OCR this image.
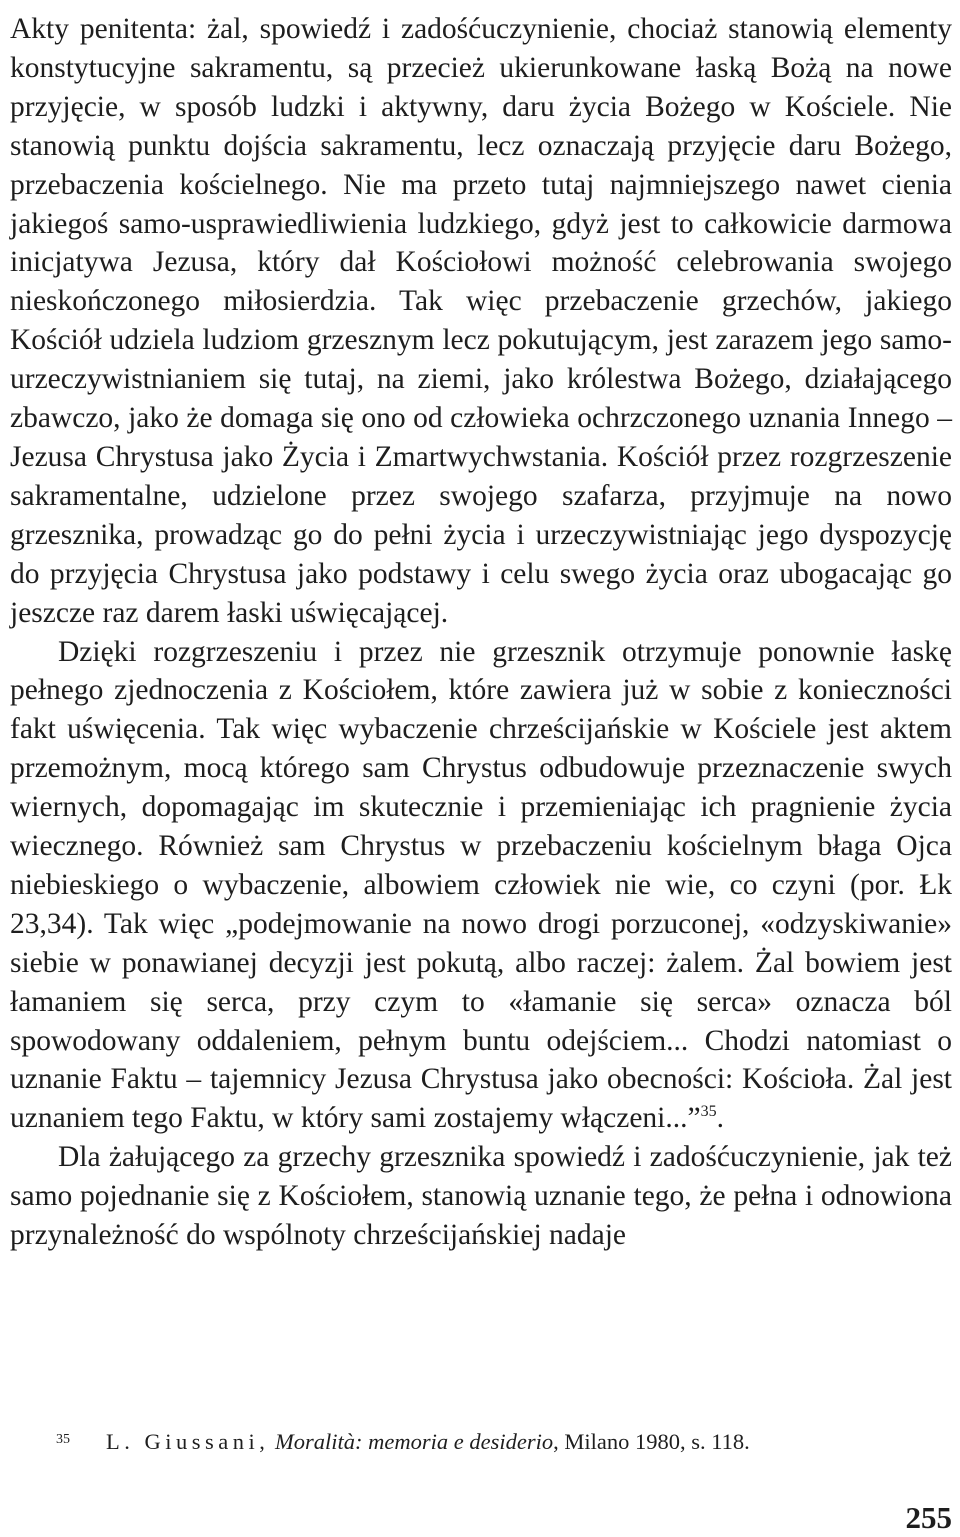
Akty penitenta: żal, spowiedź i zadośćuczynienie, chociaż stanowią elementy konstytucyjne sakramentu, są przecież ukierunkowane łaską Bożą na nowe przyjęcie, w sposób ludzki i aktywny, daru życia Bożego w Kościele. Nie stanowią punktu dojścia sakramentu, lecz oznaczają przyjęcie daru Bożego, przebaczenia kościelnego. Nie ma przeto tutaj najmniejszego nawet cienia jakiegoś samo-usprawiedliwienia ludzkiego, gdyż jest to całkowicie darmowa inicjatywa Jezusa, który dał Kościołowi możność celebrowania swojego nieskończonego miłosierdzia. Tak więc przebaczenie grzechów, jakiego Kościół udziela ludziom grzesznym lecz pokutującym, jest zarazem jego samo-urzeczywistnianiem się tutaj, na ziemi, jako królestwa Bożego, działającego zbawczo, jako że domaga się ono od człowieka ochrzczonego uznania Innego – Jezusa Chrystusa jako Życia i Zmartwychwstania. Kościół przez rozgrzeszenie sakramentalne, udzielone przez swojego szafarza, przyjmuje na nowo grzesznika, prowadząc go do pełni życia i urzeczywistniając jego dyspozycję do przyjęcia Chrystusa jako podstawy i celu swego życia oraz ubogacając go jeszcze raz darem łaski uświęcającej.

Dzięki rozgrzeszeniu i przez nie grzesznik otrzymuje ponownie łaskę pełnego zjednoczenia z Kościołem, które zawiera już w sobie z konieczności fakt uświęcenia. Tak więc wybaczenie chrześcijańskie w Kościele jest aktem przemożnym, mocą którego sam Chrystus odbudowuje przeznaczenie swych wiernych, dopomagając im skutecznie i przemieniając ich pragnienie życia wiecznego. Również sam Chrystus w przebaczeniu kościelnym błaga Ojca niebieskiego o wybaczenie, albowiem człowiek nie wie, co czyni (por. Łk 23,34). Tak więc „podejmowanie na nowo drogi porzuconej, «odzyskiwanie» siebie w ponawianej decyzji jest pokutą, albo raczej: żalem. Żal bowiem jest łamaniem się serca, przy czym to «łamanie się serca» oznacza ból spowodowany oddaleniem, pełnym buntu odejściem... Chodzi natomiast o uznanie Faktu – tajemnicy Jezusa Chrystusa jako obecności: Kościoła. Żal jest uznaniem tego Faktu, w który sami zostajemy włączeni...”$^{35}$.

Dla żałującego za grzechy grzesznika spowiedź i zadośćuczynienie, jak też samo pojednanie się z Kościołem, stanowią uznanie tego, że pełna i odnowiona przynależność do wspólnoty chrześcijańskiej nadaje

35 L. Giussani, Moralità: memoria e desiderio, Milano 1980, s. 118.
255
